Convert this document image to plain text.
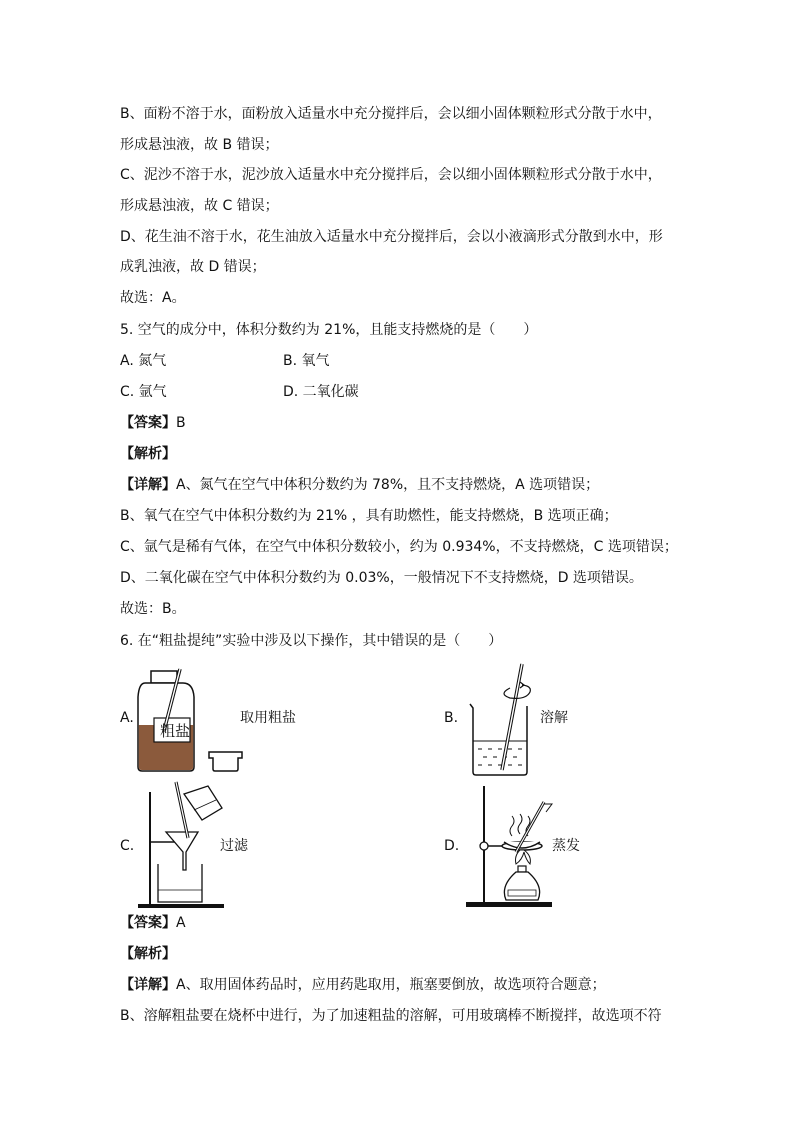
B、面粉不溶于水，面粉放入适量水中充分搅拌后，会以细小固体颗粒形式分散于水中，
形成悬浊液，故 B 错误；
C、泥沙不溶于水，泥沙放入适量水中充分搅拌后，会以细小固体颗粒形式分散于水中，
形成悬浊液，故 C 错误；
D、花生油不溶于水，花生油放入适量水中充分搅拌后，会以小液滴形式分散到水中，形
成乳浊液，故 D 错误；
故选：A。
5. 空气的成分中，体积分数约为 21%，且能支持燃烧的是（　　）
A. 氮气	B. 氧气
C. 氩气	D. 二氧化碳
【答案】B
【解析】
【详解】A、氮气在空气中体积分数约为 78%，且不支持燃烧，A 选项错误；
B、氧气在空气中体积分数约为 21% ，具有助燃性，能支持燃烧，B 选项正确；
C、氩气是稀有气体，在空气中体积分数较小，约为 0.934%，不支持燃烧，C 选项错误；
D、二氧化碳在空气中体积分数约为 0.03%，一般情况下不支持燃烧，D 选项错误。
故选：B。
6. 在“粗盐提纯”实验中涉及以下操作，其中错误的是（　　）
A.
粗盐
取用粗盐	B.	溶解
C.	过滤	D.	蒸发
【答案】A
【解析】
【详解】A、取用固体药品时，应用药匙取用，瓶塞要倒放，故选项符合题意；
B、溶解粗盐要在烧杯中进行，为了加速粗盐的溶解，可用玻璃棒不断搅拌，故选项不符
